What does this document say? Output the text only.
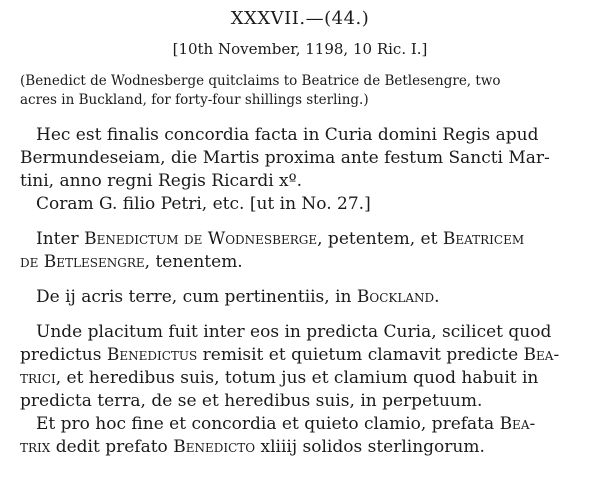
XXXVII.—(44.)
[10th November, 1198, 10 Ric. I.]
(Benedict de Wodnesberge quitclaims to Beatrice de Betlesengre, two
acres in Buckland, for forty-four shillings sterling.)
Hec est finalis concordia facta in Curia domini Regis apud
Bermundeseiam, die Martis proxima ante festum Sancti Mar-
tini, anno regni Regis Ricardi xº.
Coram G. filio Petri, etc. [ut in No. 27.]
Inter Benedictum de Wodnesberge, petentem, et Beatricem
de Betlesengre, tenentem.
De ij acris terre, cum pertinentiis, in Bockland.
Unde placitum fuit inter eos in predicta Curia, scilicet quod
predictus Benedictus remisit et quietum clamavit predicte Bea-
trici, et heredibus suis, totum jus et clamium quod habuit in
predicta terra, de se et heredibus suis, in perpetuum.
Et pro hoc fine et concordia et quieto clamio, prefata Bea-
trix dedit prefato Benedicto xliiij solidos sterlingorum.
